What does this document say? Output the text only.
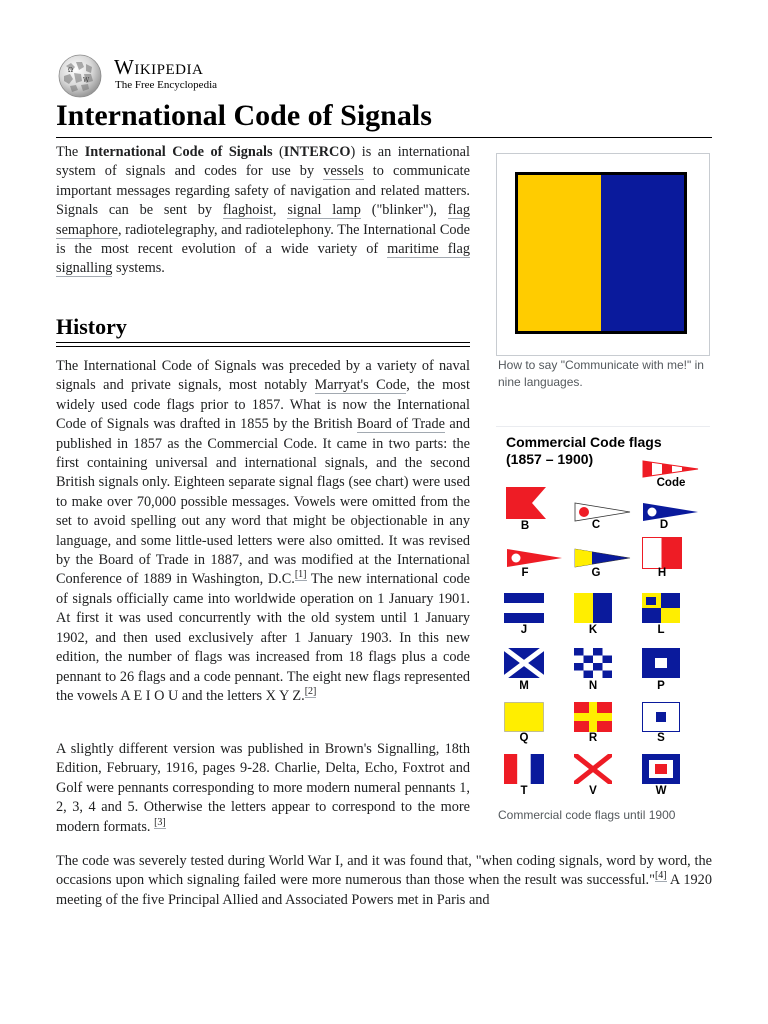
Ω
W
Wikipedia
The Free Encyclopedia
International Code of Signals

The International Code of Signals (INTERCO) is an international system of signals and codes for use by vessels to communicate important messages regarding safety of navigation and related matters. Signals can be sent by flaghoist, signal lamp ("blinker"), flag semaphore, radiotelegraphy, and radiotelephony. The International Code is the most recent evolution of a wide variety of maritime flag signalling systems.

History

The International Code of Signals was preceded by a variety of naval signals and private signals, most notably Marryat's Code, the most widely used code flags prior to 1857. What is now the International Code of Signals was drafted in 1855 by the British Board of Trade and published in 1857 as the Commercial Code. It came in two parts: the first containing universal and international signals, and the second British signals only. Eighteen separate signal flags (see chart) were used to make over 70,000 possible messages. Vowels were omitted from the set to avoid spelling out any word that might be objectionable in any language, and some little-used letters were also omitted. It was revised by the Board of Trade in 1887, and was modified at the International Conference of 1889 in Washington, D.C.[1] The new international code of signals officially came into worldwide operation on 1 January 1901. At first it was used concurrently with the old system until 1 January 1902, and then used exclusively after 1 January 1903. In this new edition, the number of flags was increased from 18 flags plus a code pennant to 26 flags and a code pennant. The eight new flags represented the vowels A E I O U and the letters X Y Z.[2]

A slightly different version was published in Brown's Signalling, 18th Edition, February, 1916, pages 9-28. Charlie, Delta, Echo, Foxtrot and Golf were pennants corresponding to more modern numeral pennants 1, 2, 3, 4 and 5. Otherwise the letters appear to correspond to the more modern formats. [3]

The code was severely tested during World War I, and it was found that, "when coding signals, word by word, the occasions upon which signaling failed were more numerous than those when the result was successful."[4] A 1920 meeting of the five Principal Allied and Associated Powers met in Paris and

How to say "Communicate with me!" in nine languages.
Commercial Code flags
(1857 – 1900)
Code
B	C	D
F	G	H
J	K	L
M	N	P
Q	R	S
T	V	W
Commercial code flags until 1900
